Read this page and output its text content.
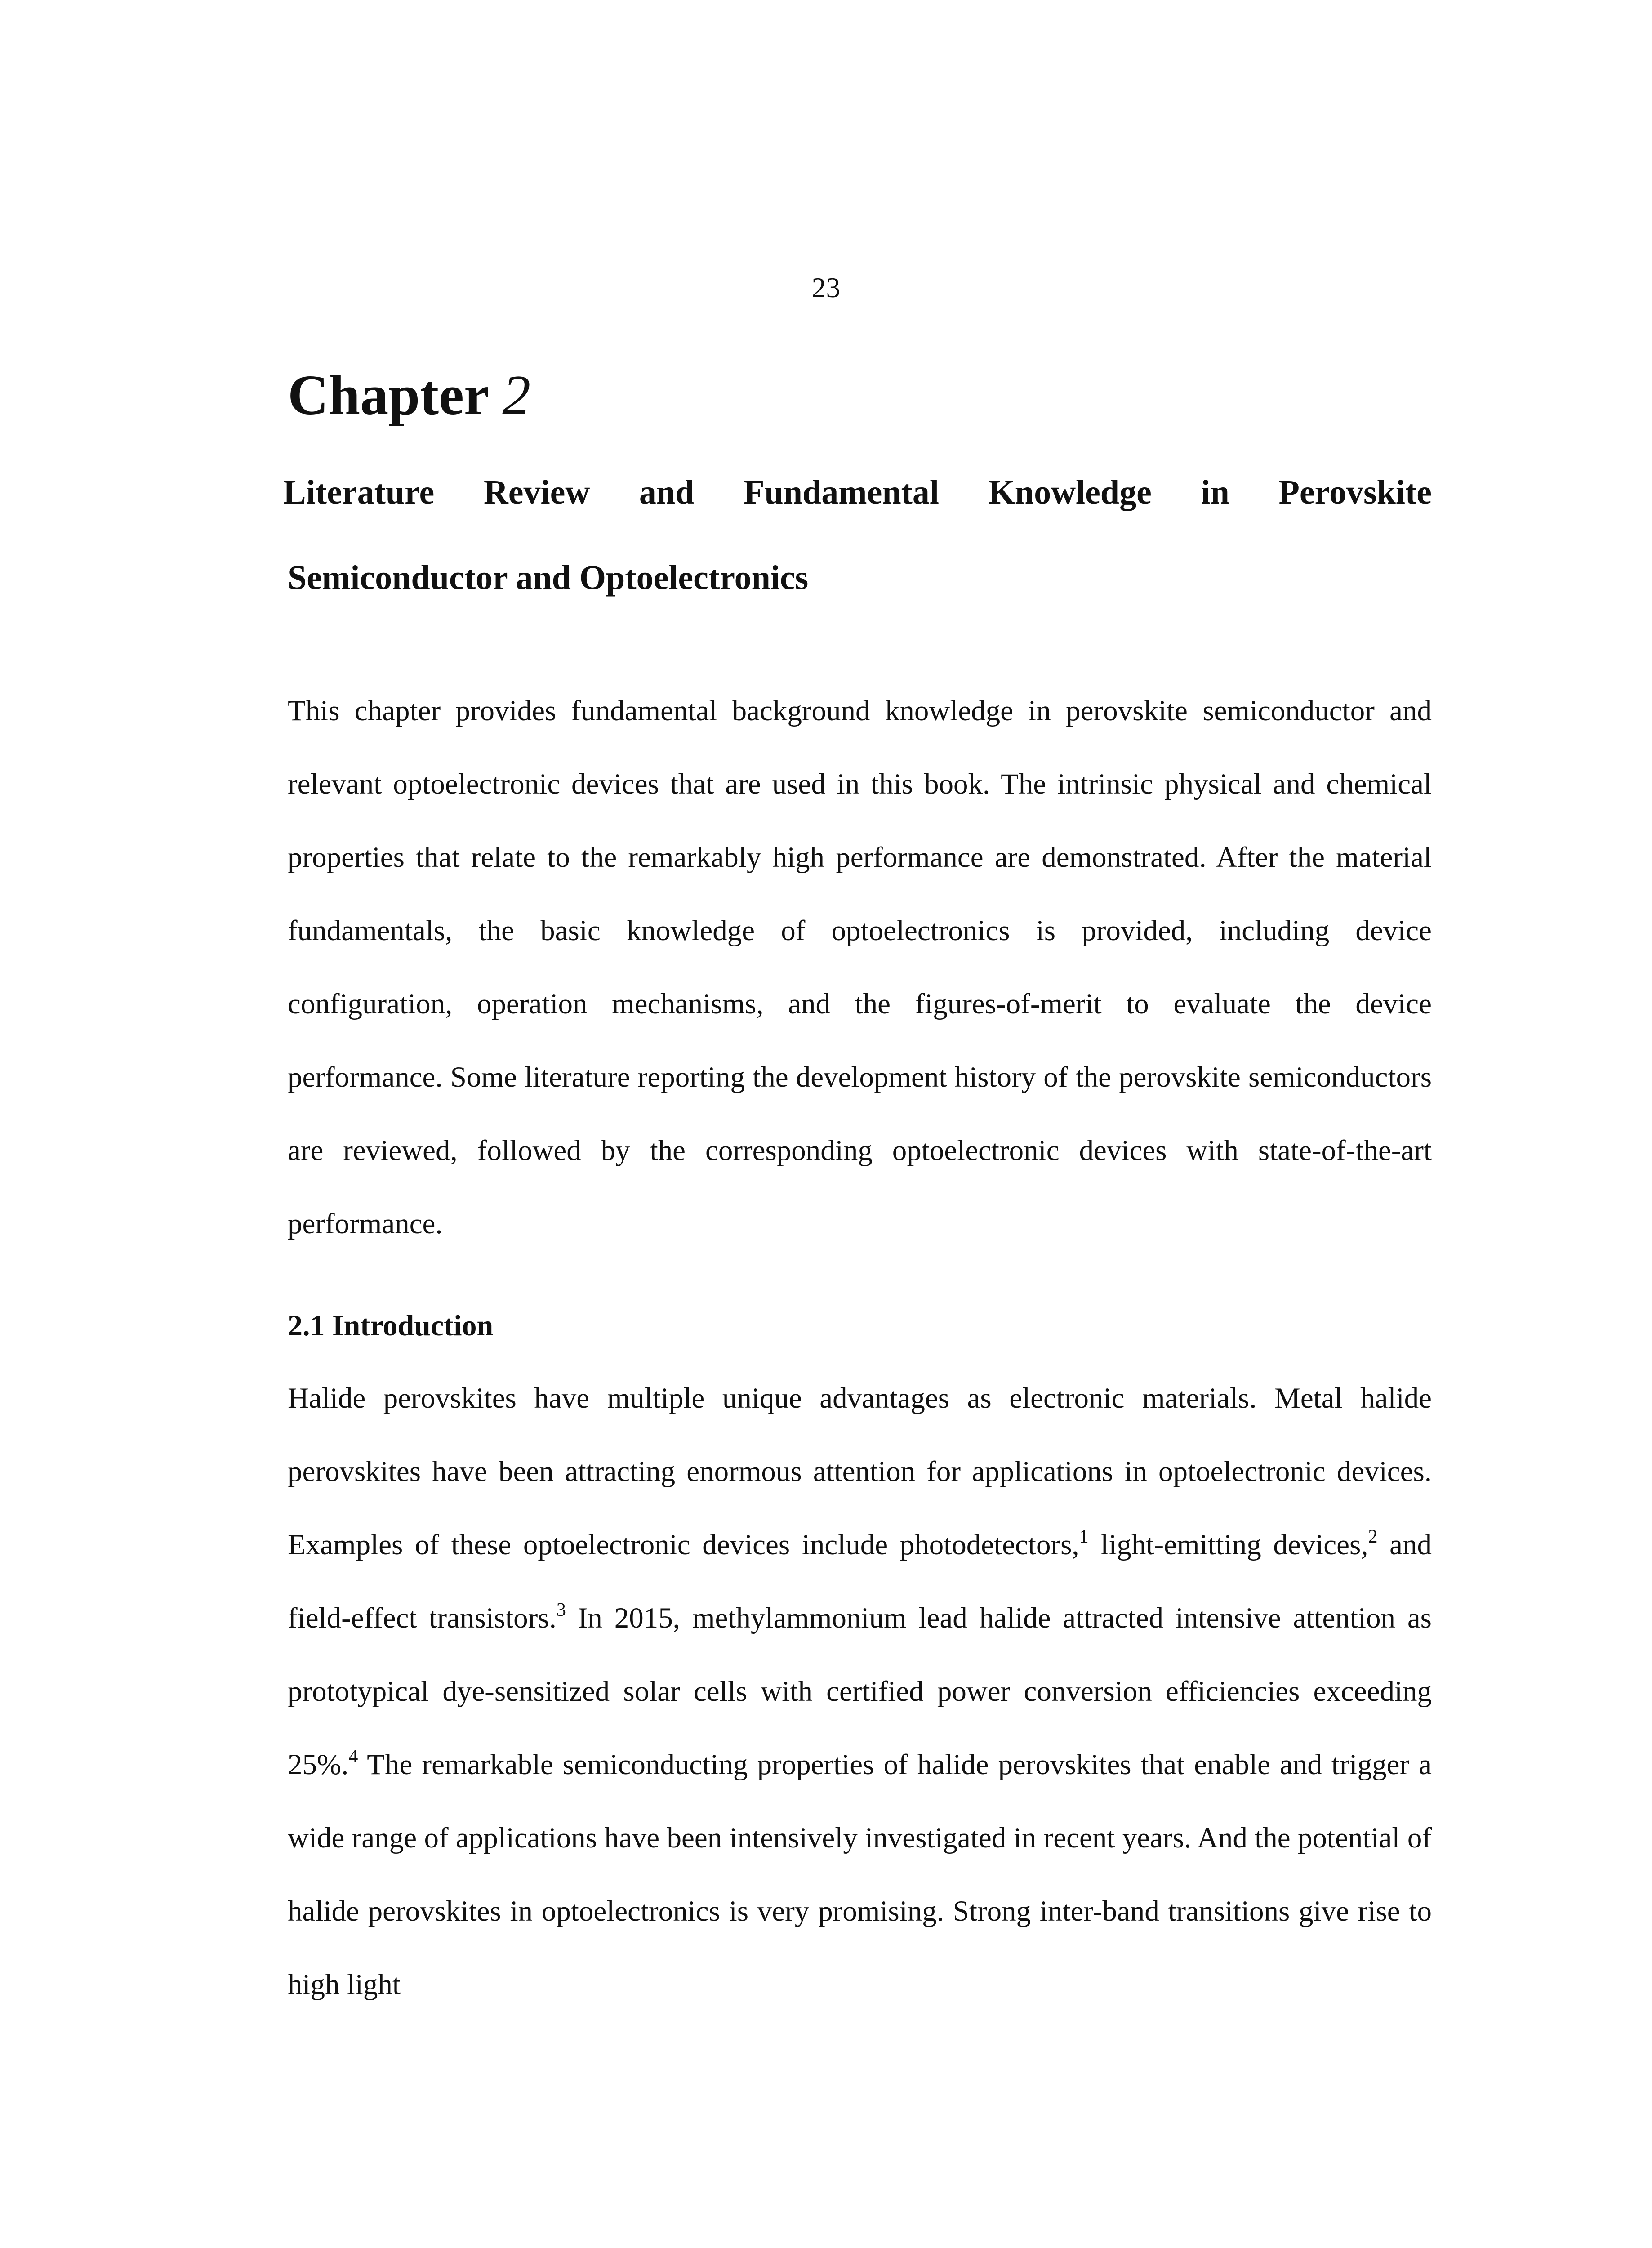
23
Chapter 2
Literature Review and Fundamental Knowledge in Perovskite
Semiconductor and Optoelectronics

This chapter provides fundamental background knowledge in perovskite semiconductor and relevant optoelectronic devices that are used in this book. The intrinsic physical and chemical properties that relate to the remarkably high performance are demonstrated. After the material fundamentals, the basic knowledge of optoelectronics is provided, including device configuration, operation mechanisms, and the figures-of-merit to evaluate the device performance. Some literature reporting the development history of the perovskite semiconductors are reviewed, followed by the corresponding optoelectronic devices with state-of-the-art performance.

2.1 Introduction

Halide perovskites have multiple unique advantages as electronic materials. Metal halide perovskites have been attracting enormous attention for applications in optoelectronic devices. Examples of these optoelectronic devices include photodetectors,$^1$ light-emitting devices,$^2$ and field-effect transistors.$^3$ In 2015, methylammonium lead halide attracted intensive attention as prototypical dye-sensitized solar cells with certified power conversion efficiencies exceeding 25%.$^4$ The remarkable semiconducting properties of halide perovskites that enable and trigger a wide range of applications have been intensively investigated in recent years. And the potential of halide perovskites in optoelectronics is very promising. Strong inter-band transitions give rise to high light
